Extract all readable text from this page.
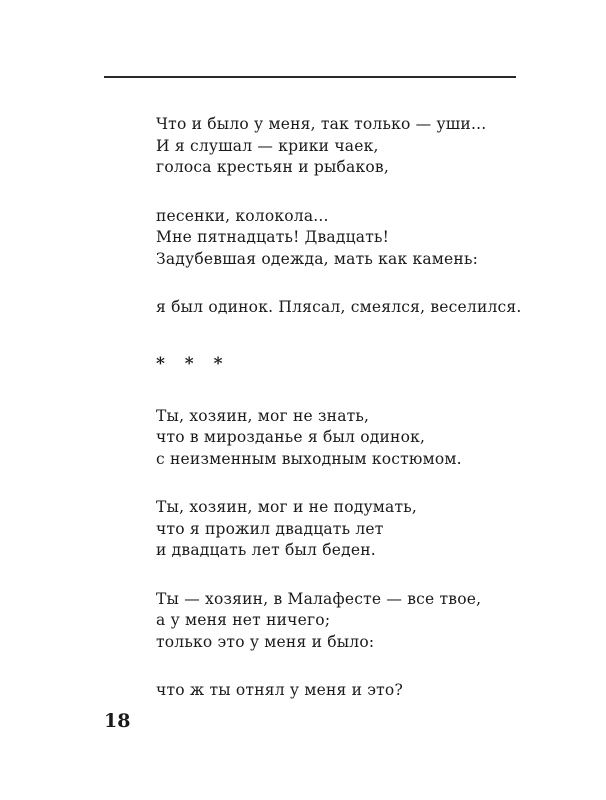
Что и было у меня, так только — уши...
И я слушал — крики чаек,
голоса крестьян и рыбаков,
песенки, колокола...
Мне пятнадцать! Двадцать!
Задубевшая одежда, мать как камень:
я был одинок. Плясал, смеялся, веселился.
* * *
Ты, хозяин, мог не знать,
что в мирозданье я был одинок,
с неизменным выходным костюмом.
Ты, хозяин, мог и не подумать,
что я прожил двадцать лет
и двадцать лет был беден.
Ты — хозяин, в Малафесте — все твое,
а у меня нет ничего;
только это у меня и было:
что ж ты отнял у меня и это?
18
